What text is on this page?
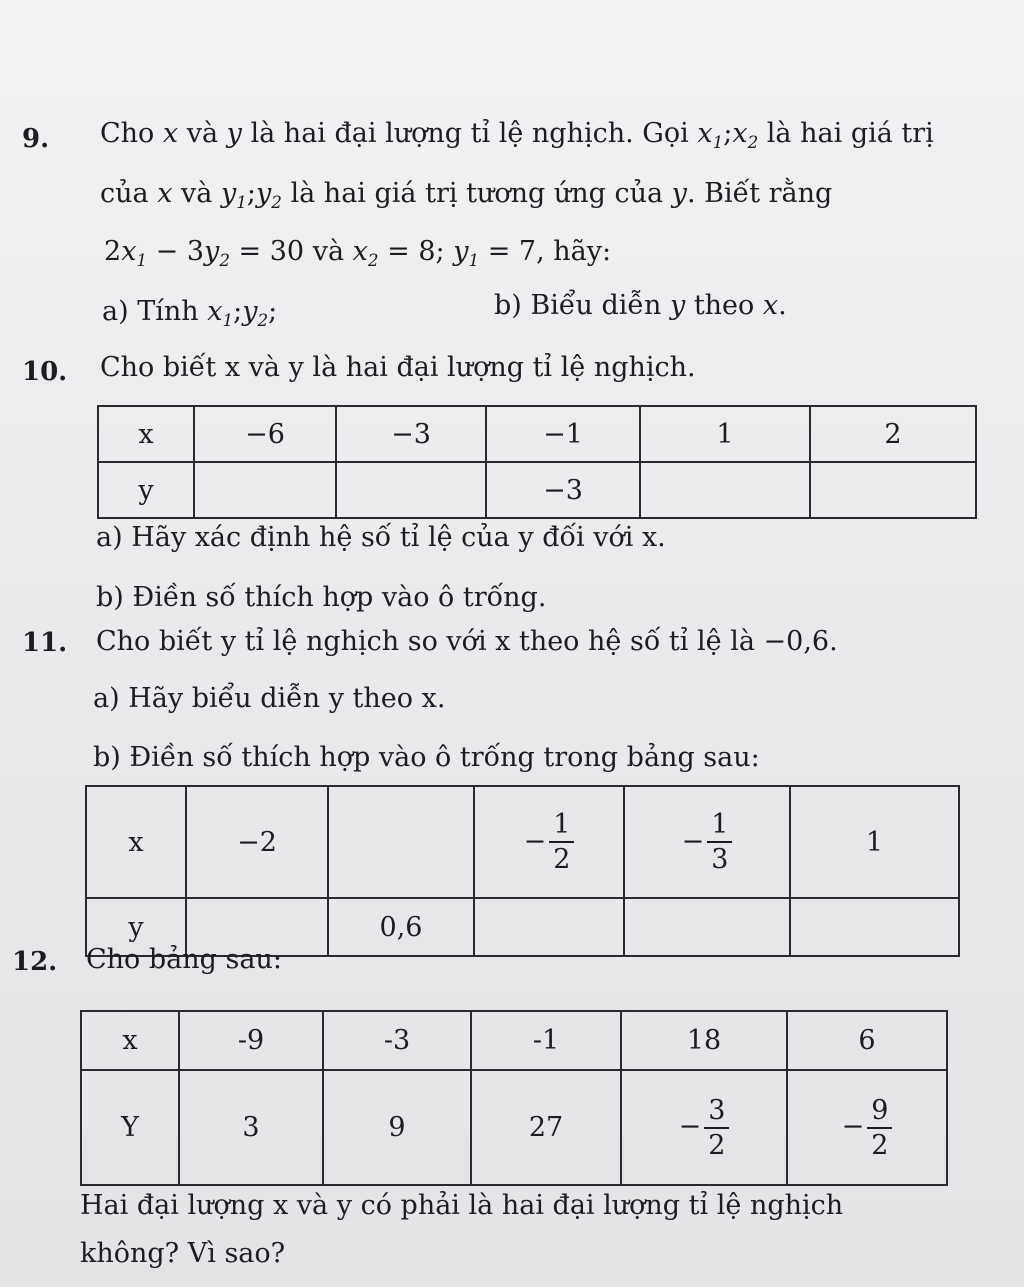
9. Cho x và y là hai đại lượng tỉ lệ nghịch. Gọi $x_1;x_2$ là hai giá trị
của x và $y_1;y_2$ là hai giá trị tương ứng của y. Biết rằng
$2x_1 - 3y_2 = 30$ và $x_2 = 8$; $y_1 = 7$, hãy:
a) Tính $x_1;y_2$;	b) Biểu diễn y theo x.
10. Cho biết x và y là hai đại lượng tỉ lệ nghịch.
x	−6	−3	−1	1	2
y			−3		
a) Hãy xác định hệ số tỉ lệ của y đối với x.
b) Điền số thích hợp vào ô trống.
11. Cho biết y tỉ lệ nghịch so với x theo hệ số tỉ lệ là −0,6.
a) Hãy biểu diễn y theo x.
b) Điền số thích hợp vào ô trống trong bảng sau:
x	−2		− $\frac{1}{2}$	− $\frac{1}{3}$	1
y		0,6			
12. Cho bảng sau:
x	-9	-3	-1	18	6
Y	3	9	27	− $\frac{3}{2}$	− $\frac{9}{2}$
Hai đại lượng x và y có phải là hai đại lượng tỉ lệ nghịch
không? Vì sao?
